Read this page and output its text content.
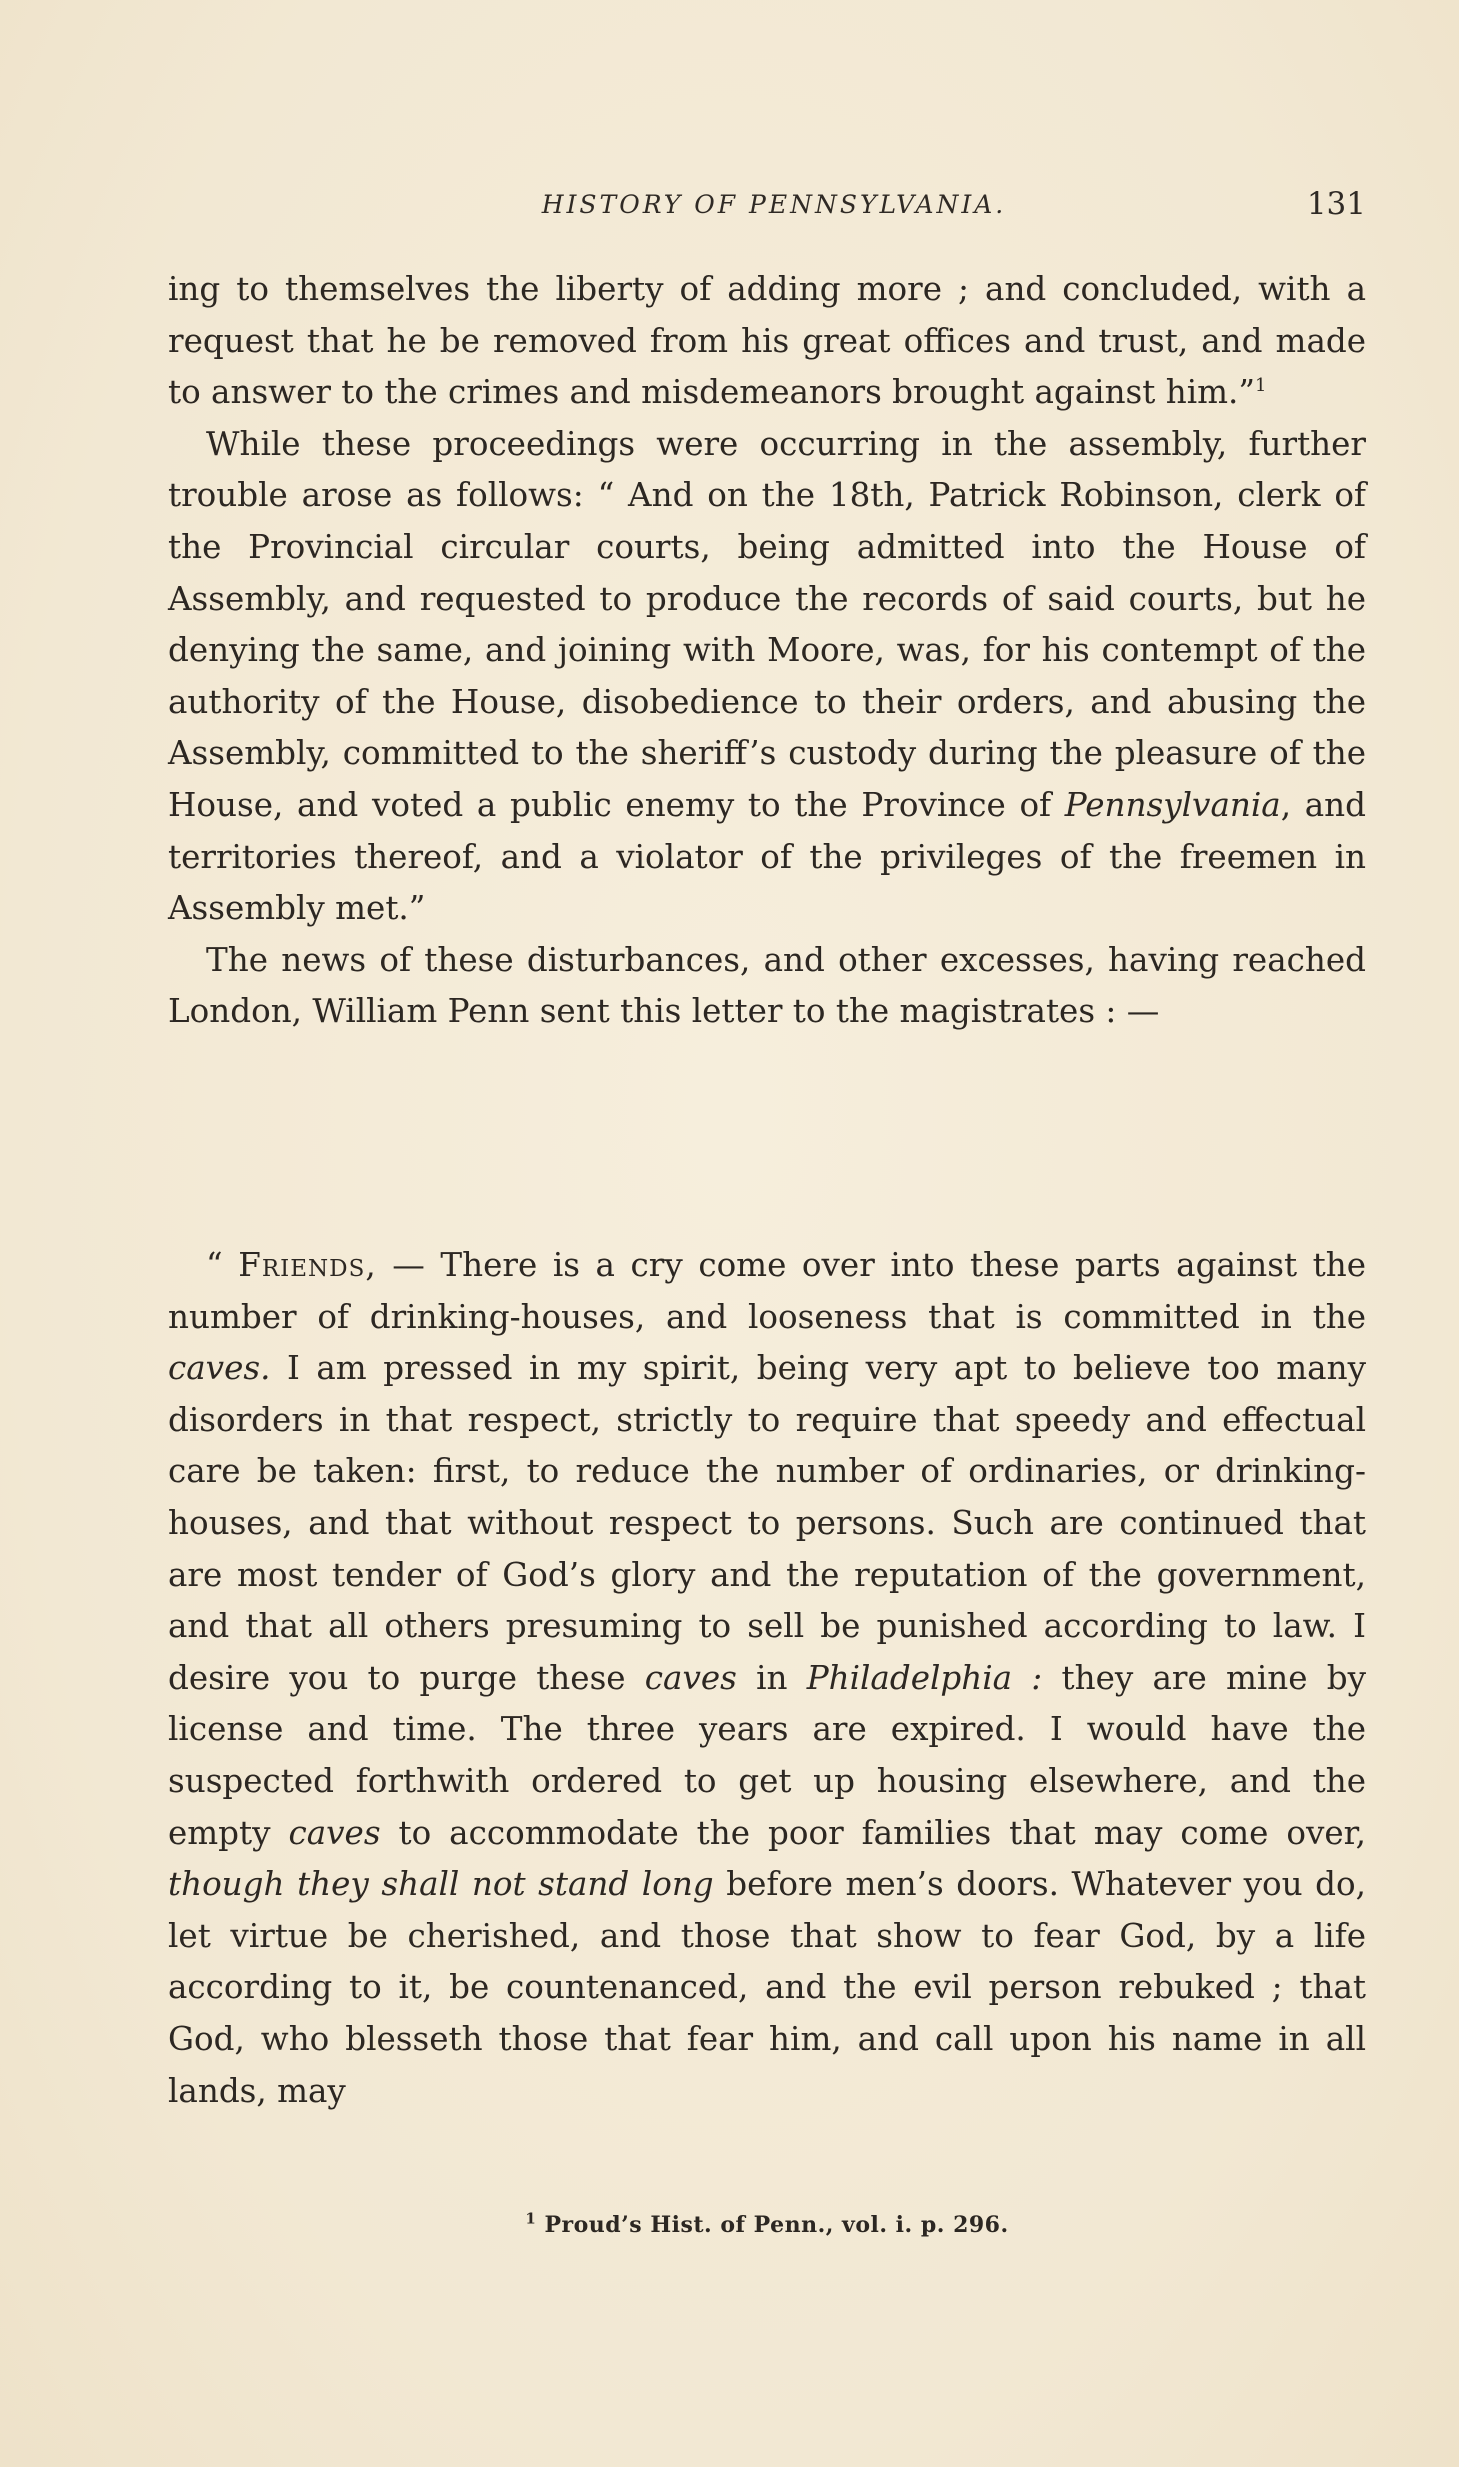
HISTORY OF PENNSYLVANIA.	131

ing to themselves the liberty of adding more ; and concluded, with a request that he be removed from his great offices and trust, and made to answer to the crimes and misdemeanors brought against him.”$^1$

While these proceedings were occurring in the assembly, further trouble arose as follows: “ And on the 18th, Patrick Robinson, clerk of the Provincial circular courts, being admitted into the House of Assembly, and requested to produce the records of said courts, but he denying the same, and joining with Moore, was, for his contempt of the authority of the House, disobedience to their orders, and abusing the Assembly, committed to the sheriff’s custody during the pleasure of the House, and voted a public enemy to the Province of Pennsylvania, and territories thereof, and a violator of the privileges of the freemen in Assembly met.”

The news of these disturbances, and other excesses, having reached London, William Penn sent this letter to the magistrates : —

“ Friends, — There is a cry come over into these parts against the number of drinking-houses, and looseness that is committed in the caves. I am pressed in my spirit, being very apt to believe too many disorders in that respect, strictly to require that speedy and effectual care be taken: first, to reduce the number of ordinaries, or drinking-houses, and that without respect to persons. Such are continued that are most tender of God’s glory and the reputation of the government, and that all others presuming to sell be punished according to law. I desire you to purge these caves in Philadelphia : they are mine by license and time. The three years are expired. I would have the suspected forthwith ordered to get up housing elsewhere, and the empty caves to accommodate the poor families that may come over, though they shall not stand long before men’s doors. Whatever you do, let virtue be cherished, and those that show to fear God, by a life according to it, be countenanced, and the evil person rebuked ; that God, who blesseth those that fear him, and call upon his name in all lands, may

$^1$ Proud’s Hist. of Penn., vol. i. p. 296.
